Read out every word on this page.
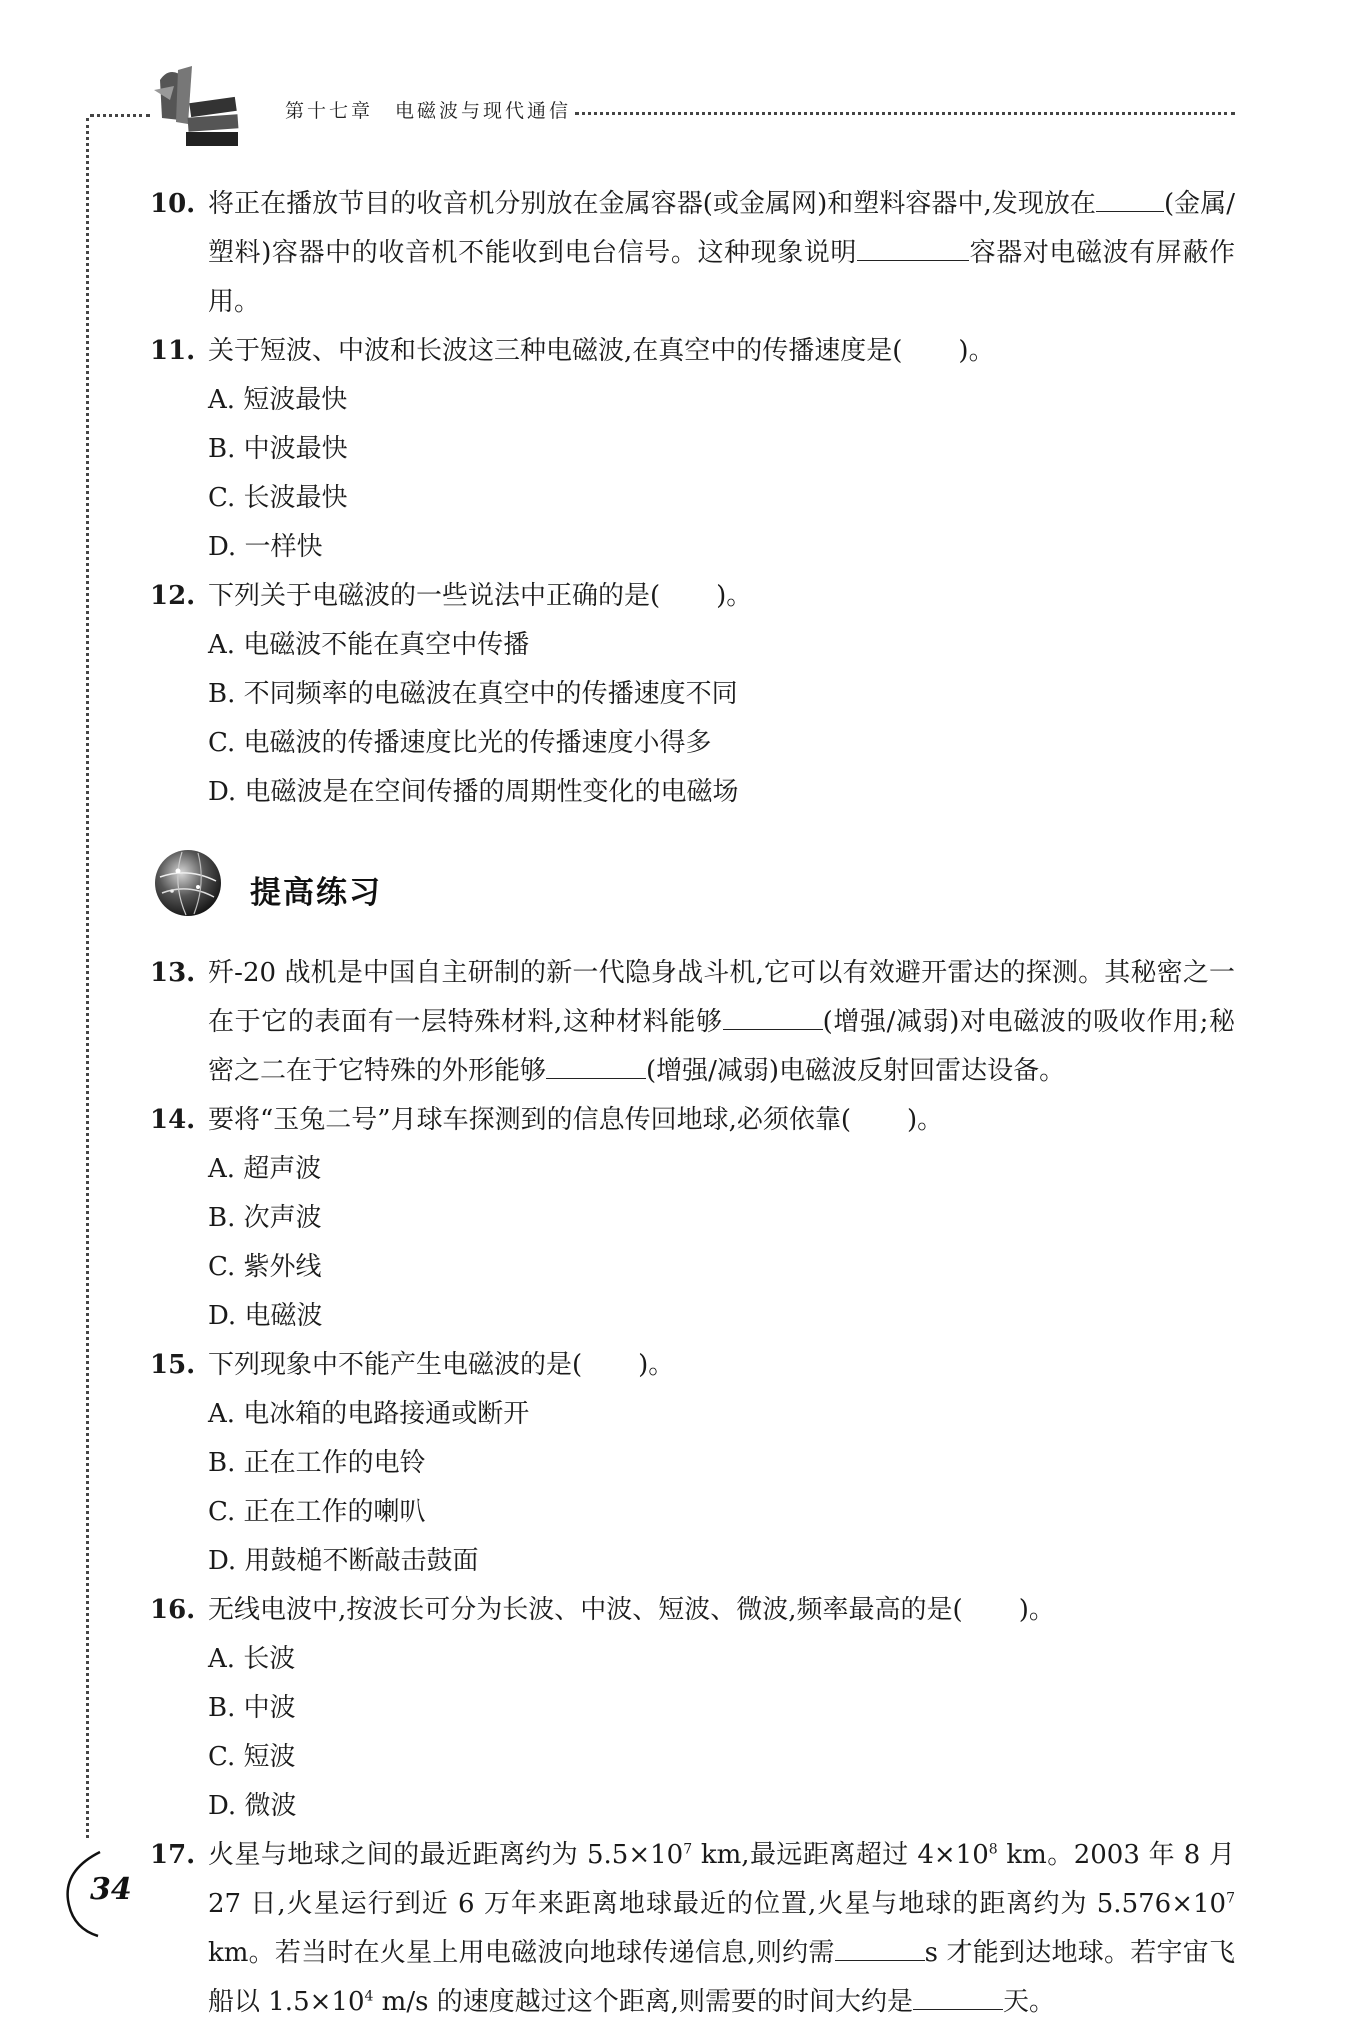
第十七章 电磁波与现代通信
10. 将正在播放节目的收音机分别放在金属容器(或金属网)和塑料容器中,发现放在	(金属/塑料)容器中的收音机不能收到电台信号。这种现象说明	容器对电磁波有屏蔽作用。
11. 关于短波、中波和长波这三种电磁波,在真空中的传播速度是( )。
A. 短波最快
B. 中波最快
C. 长波最快
D. 一样快
12. 下列关于电磁波的一些说法中正确的是( )。
A. 电磁波不能在真空中传播
B. 不同频率的电磁波在真空中的传播速度不同
C. 电磁波的传播速度比光的传播速度小得多
D. 电磁波是在空间传播的周期性变化的电磁场
提高练习
13. 歼-20 战机是中国自主研制的新一代隐身战斗机,它可以有效避开雷达的探测。其秘密之一在于它的表面有一层特殊材料,这种材料能够	(增强/减弱)对电磁波的吸收作用;秘密之二在于它特殊的外形能够	(增强/减弱)电磁波反射回雷达设备。
14. 要将“玉兔二号”月球车探测到的信息传回地球,必须依靠( )。
A. 超声波
B. 次声波
C. 紫外线
D. 电磁波
15. 下列现象中不能产生电磁波的是( )。
A. 电冰箱的电路接通或断开
B. 正在工作的电铃
C. 正在工作的喇叭
D. 用鼓槌不断敲击鼓面
16. 无线电波中,按波长可分为长波、中波、短波、微波,频率最高的是( )。
A. 长波
B. 中波
C. 短波
D. 微波
17. 火星与地球之间的最近距离约为 $5.5\times 10^7$ km,最远距离超过 $4\times 10^8$ km。2003 年 8 月 27 日,火星运行到近 6 万年来距离地球最近的位置,火星与地球的距离约为 $5.576\times 10^7$ km。若当时在火星上用电磁波向地球传递信息,则约需	s 才能到达地球。若宇宙飞船以 $1.5\times 10^4$ m/s 的速度越过这个距离,则需要的时间大约是	天。
34
